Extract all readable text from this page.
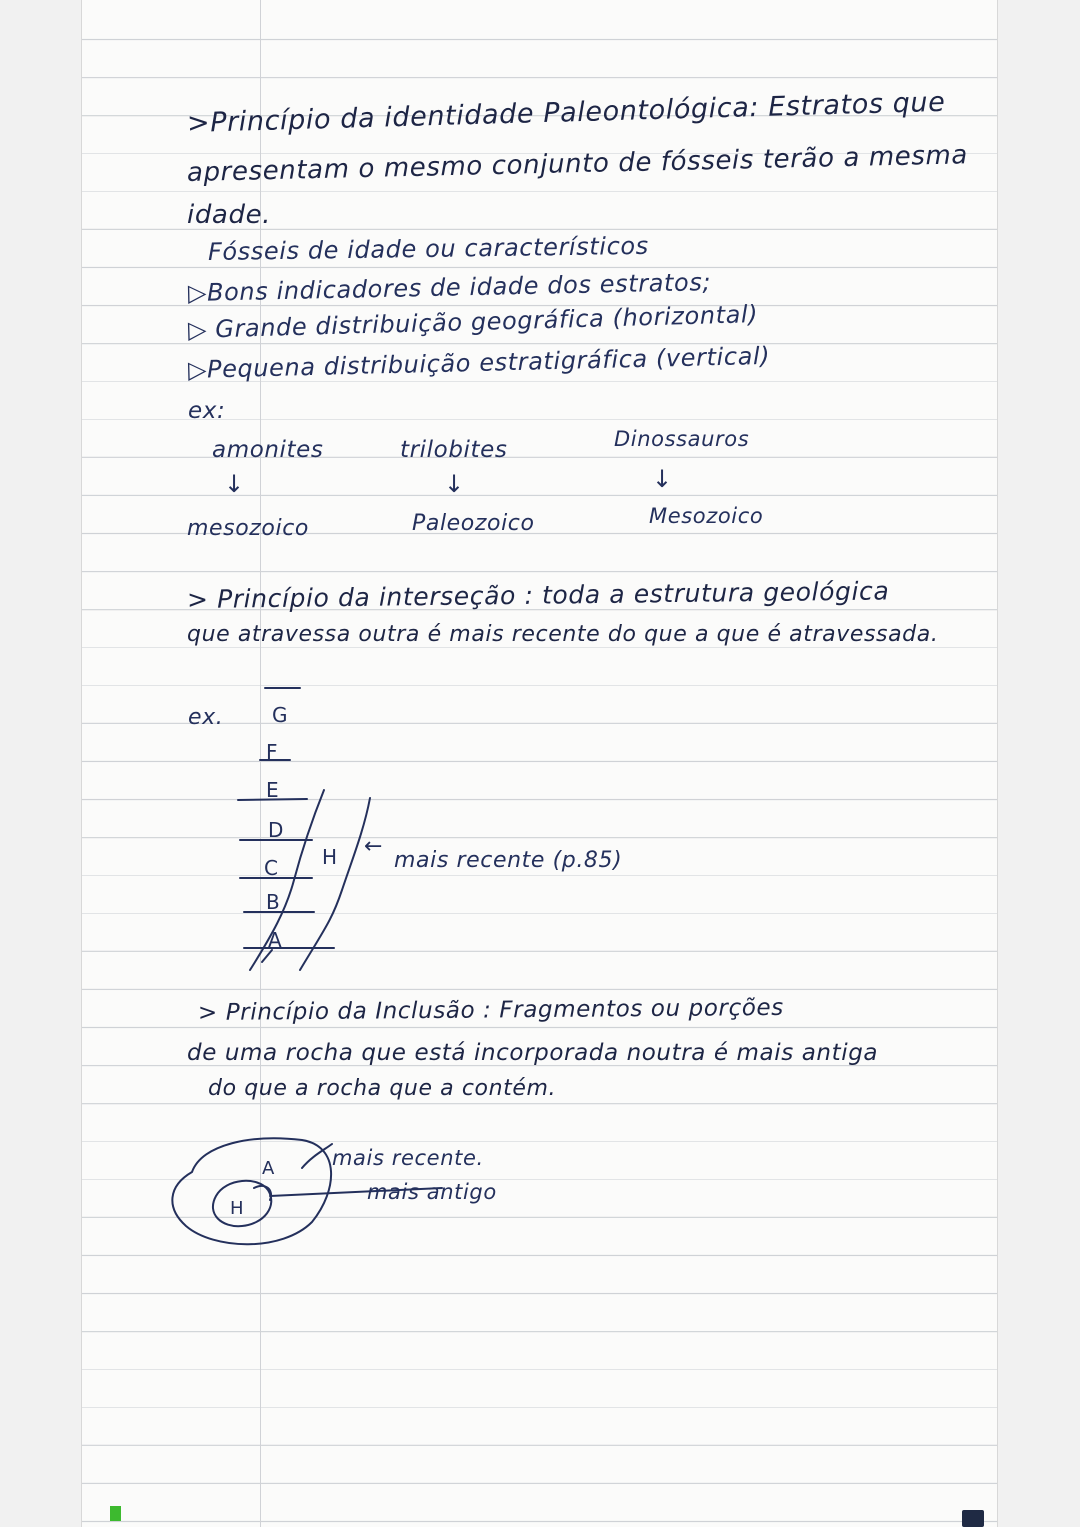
>Princípio da identidade Paleontológica: Estratos que
apresentam o mesmo conjunto de fósseis terão a mesma
idade.
Fósseis de idade ou característicos
▷Bons indicadores de idade dos estratos;
▷ Grande distribuição geográfica (horizontal)
▷Pequena distribuição estratigráfica (vertical)
ex:
amonites
↓
mesozoico
trilobites
↓
Paleozoico
Dinossauros
↓
Mesozoico
> Princípio da interseção : toda a estrutura geológica
que atravessa outra é mais recente do que a que é atravessada.
ex. G
F
E
D
C
B
A
H ←
mais recente (p.85)
> Princípio da Inclusão : Fragmentos ou porções
de uma rocha que está incorporada noutra é mais antiga
do que a rocha que a contém.
A
H
mais recente.
mais antigo
